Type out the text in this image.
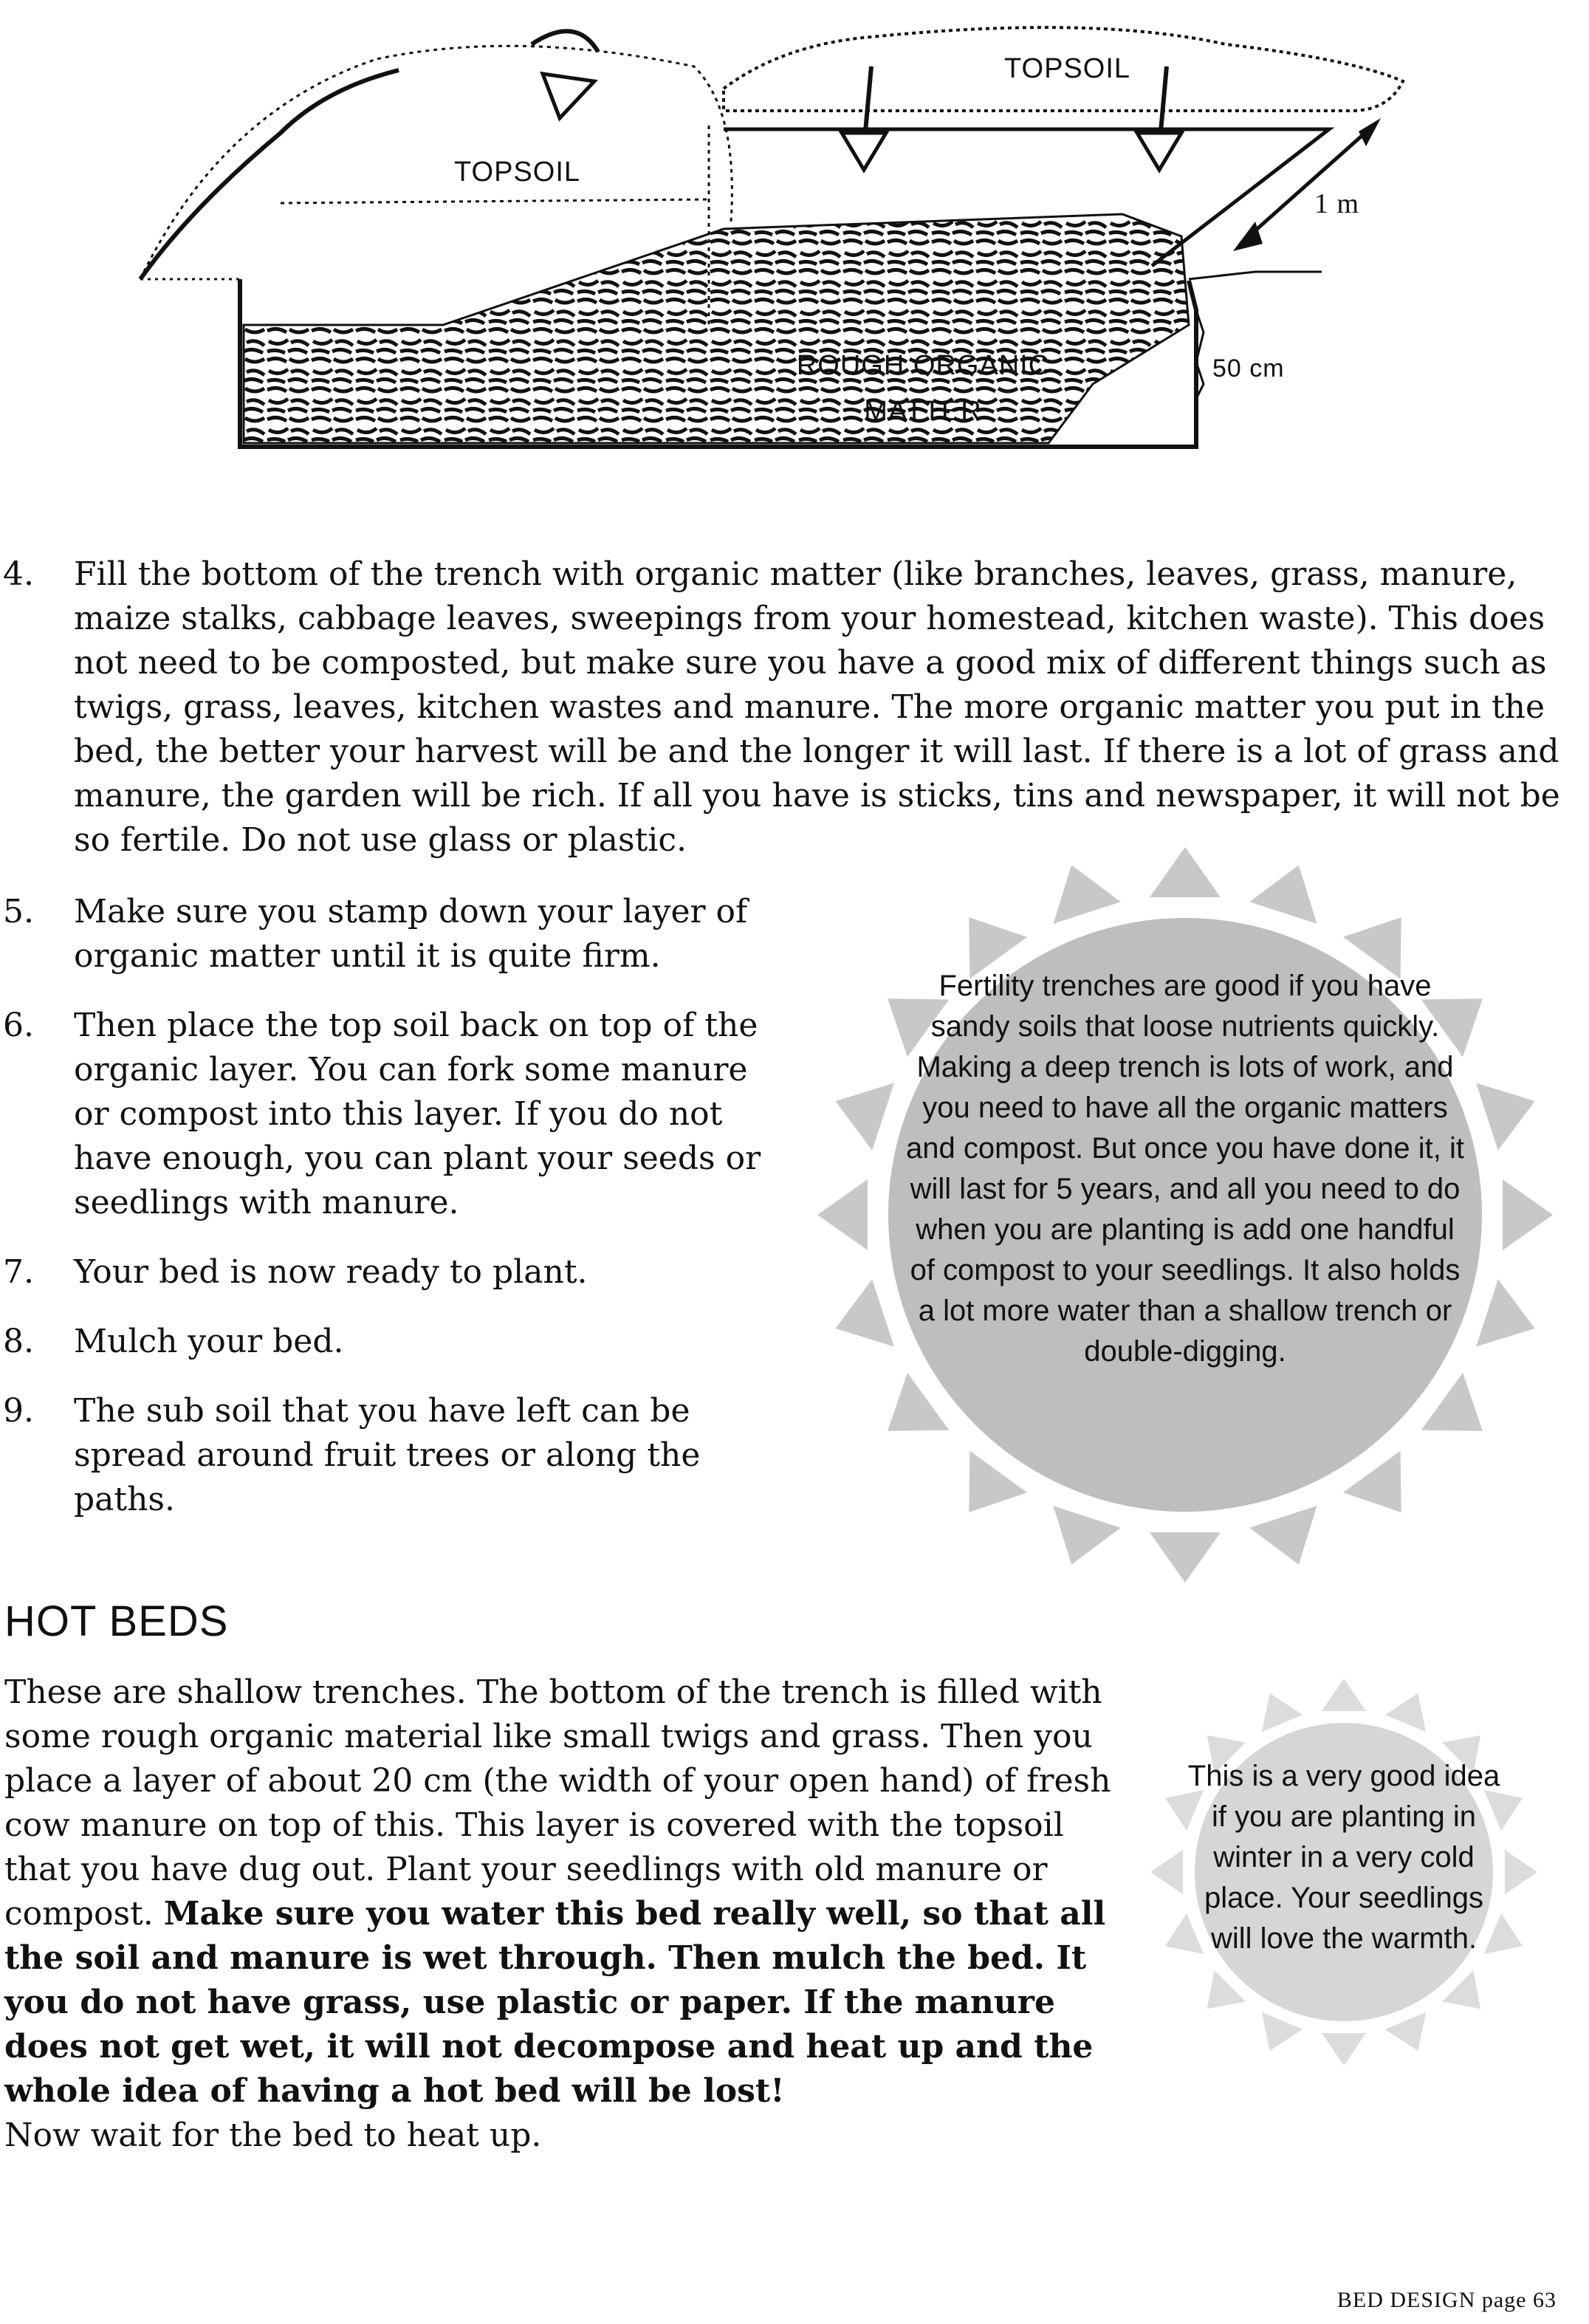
TOPSOIL
TOPSOIL
1 m
ROUGH ORGANIC MATTER
50 cm
4.	Fill the bottom of the trench with organic matter (like branches, leaves, grass, manure, maize stalks, cabbage leaves, sweepings from your homestead, kitchen waste). This does not need to be composted, but make sure you have a good mix of different things such as twigs, grass, leaves, kitchen wastes and manure. The more organic matter you put in the bed, the better your harvest will be and the longer it will last. If there is a lot of grass and manure, the garden will be rich. If all you have is sticks, tins and newspaper, it will not be so fertile. Do not use glass or plastic.
5.	Make sure you stamp down your layer of organic matter until it is quite firm.
6.	Then place the top soil back on top of the organic layer. You can fork some manure or compost into this layer. If you do not have enough, you can plant your seeds or seedlings with manure.
7.	Your bed is now ready to plant.
8.	Mulch your bed.
9.	The sub soil that you have left can be spread around fruit trees or along the paths.
Fertility trenches are good if you have sandy soils that loose nutrients quickly. Making a deep trench is lots of work, and you need to have all the organic matters and compost. But once you have done it, it will last for 5 years, and all you need to do when you are planting is add one handful of compost to your seedlings. It also holds a lot more water than a shallow trench or double-digging.
This is a very good idea if you are planting in winter in a very cold place. Your seedlings will love the warmth.
HOT BEDS
These are shallow trenches. The bottom of the trench is filled with some rough organic material like small twigs and grass. Then you place a layer of about 20 cm (the width of your open hand) of fresh cow manure on top of this. This layer is covered with the topsoil that you have dug out. Plant your seedlings with old manure or compost. Make sure you water this bed really well, so that all the soil and manure is wet through. Then mulch the bed. It you do not have grass, use plastic or paper. If the manure does not get wet, it will not decompose and heat up and the whole idea of having a hot bed will be lost!
Now wait for the bed to heat up.
BED DESIGN page 63
